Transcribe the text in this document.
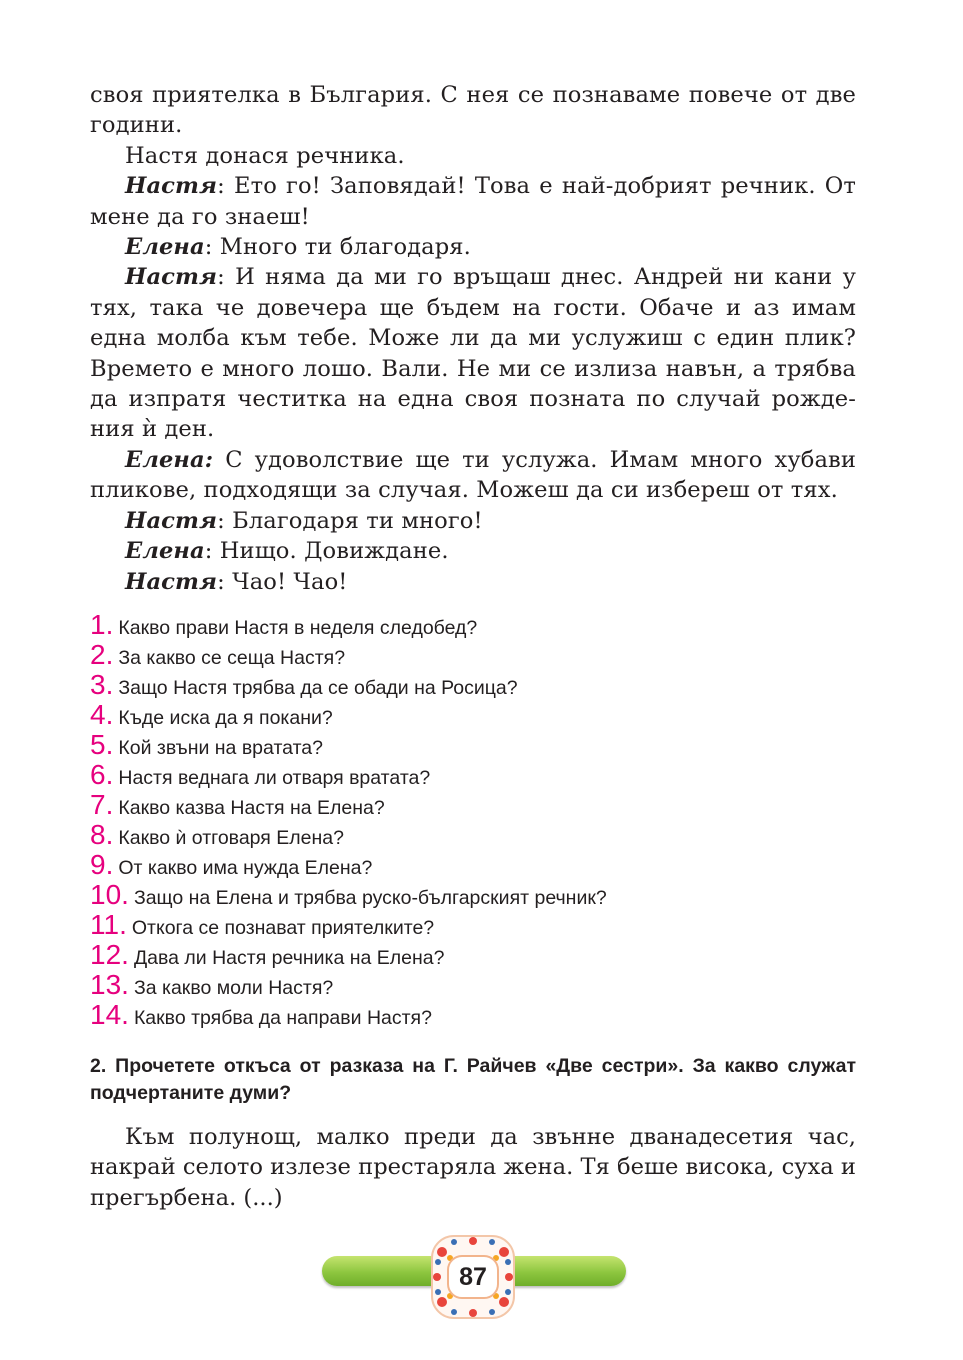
своя приятелка в България. С нея се познаваме повече от две години.

Настя донася речника.

Настя: Ето го! Заповядай! Това е най-добрият речник. От мене да го знаеш!

Елена: Много ти благодаря.

Настя: И няма да ми го връщаш днес. Андрей ни кани у тях, така че довечера ще бъдем на гости. Обаче и аз имам една молба към тебе. Може ли да ми услужиш с един плик? Времето е много лошо. Вали. Не ми се излиза навън, а трябва да изпратя честитка на една своя позната по случай рожде-ния ѝ ден.

Елена: С удоволствие ще ти услужа. Имам много хубави пликове, подходящи за случая. Можеш да си избереш от тях.

Настя: Благодаря ти много!

Елена: Нищо. Довиждане.

Настя: Чао! Чао!

1. Какво прави Настя в неделя следобед?
2. За какво се сеща Настя?
3. Защо Настя трябва да се обади на Росица?
4. Къде иска да я покани?
5. Кой звъни на вратата?
6. Настя веднага ли отваря вратата?
7. Какво казва Настя на Елена?
8. Какво ѝ отговаря Елена?
9. От какво има нужда Елена?
10. Защо на Елена и трябва руско-българският речник?
11. Откога се познават приятелките?
12. Дава ли Настя речника на Елена?
13. За какво моли Настя?
14. Какво трябва да направи Настя?
2. Прочетете откъса от разказа на Г. Райчев «Две сестри». За какво служат подчертаните думи?

Към полунощ, малко преди да звънне дванадесетия час, накрай селото излезе престаряла жена. Тя беше висока, суха и прегърбена. (...)

87
